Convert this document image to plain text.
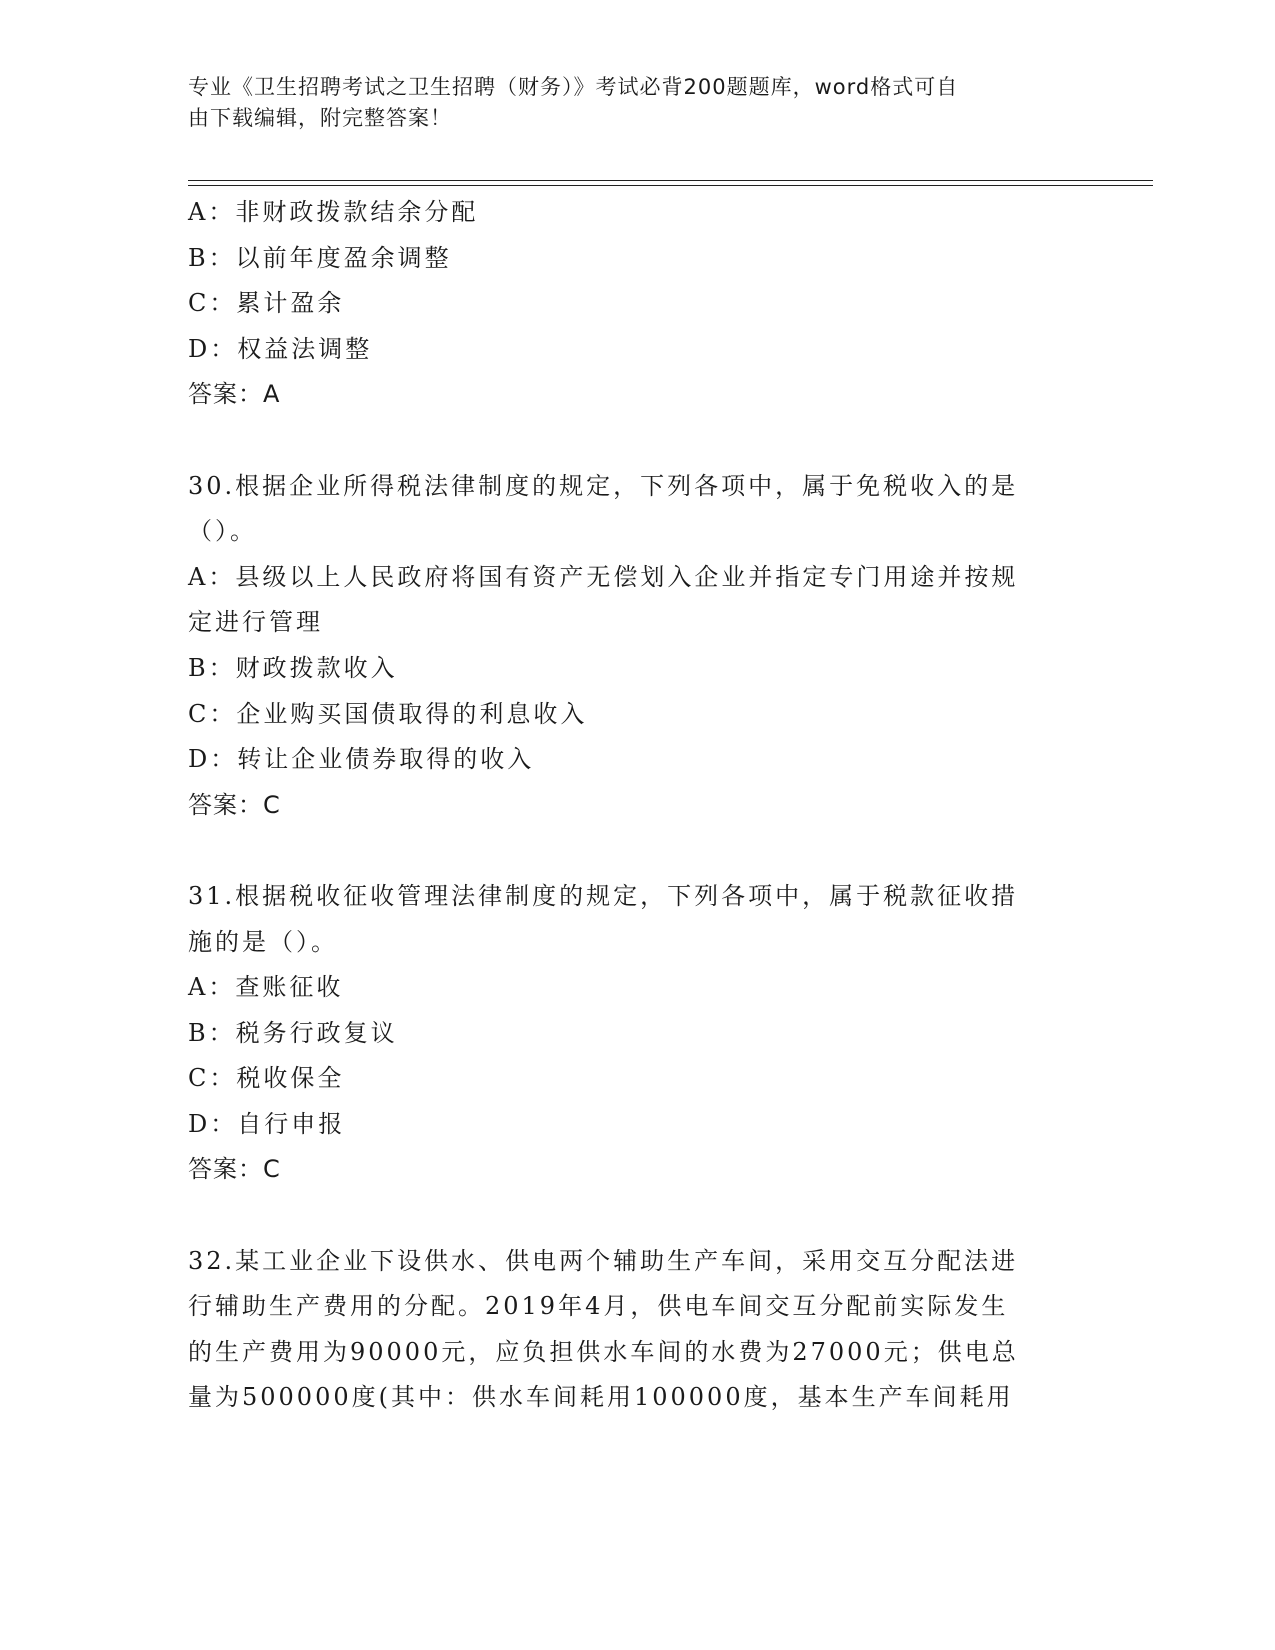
专业《卫生招聘考试之卫生招聘（财务）》考试必背200题题库，word格式可自
由下载编辑，附完整答案！
A：非财政拨款结余分配
B：以前年度盈余调整
C：累计盈余
D：权益法调整
答案：A
30.根据企业所得税法律制度的规定，下列各项中，属于免税收入的是
（）。
A：县级以上人民政府将国有资产无偿划入企业并指定专门用途并按规
定进行管理
B：财政拨款收入
C：企业购买国债取得的利息收入
D：转让企业债券取得的收入
答案：C
31.根据税收征收管理法律制度的规定，下列各项中，属于税款征收措
施的是（）。
A：查账征收
B：税务行政复议
C：税收保全
D：自行申报
答案：C
32.某工业企业下设供水、供电两个辅助生产车间，采用交互分配法进
行辅助生产费用的分配。2019年4月，供电车间交互分配前实际发生
的生产费用为90000元，应负担供水车间的水费为27000元；供电总
量为500000度(其中：供水车间耗用100000度，基本生产车间耗用
